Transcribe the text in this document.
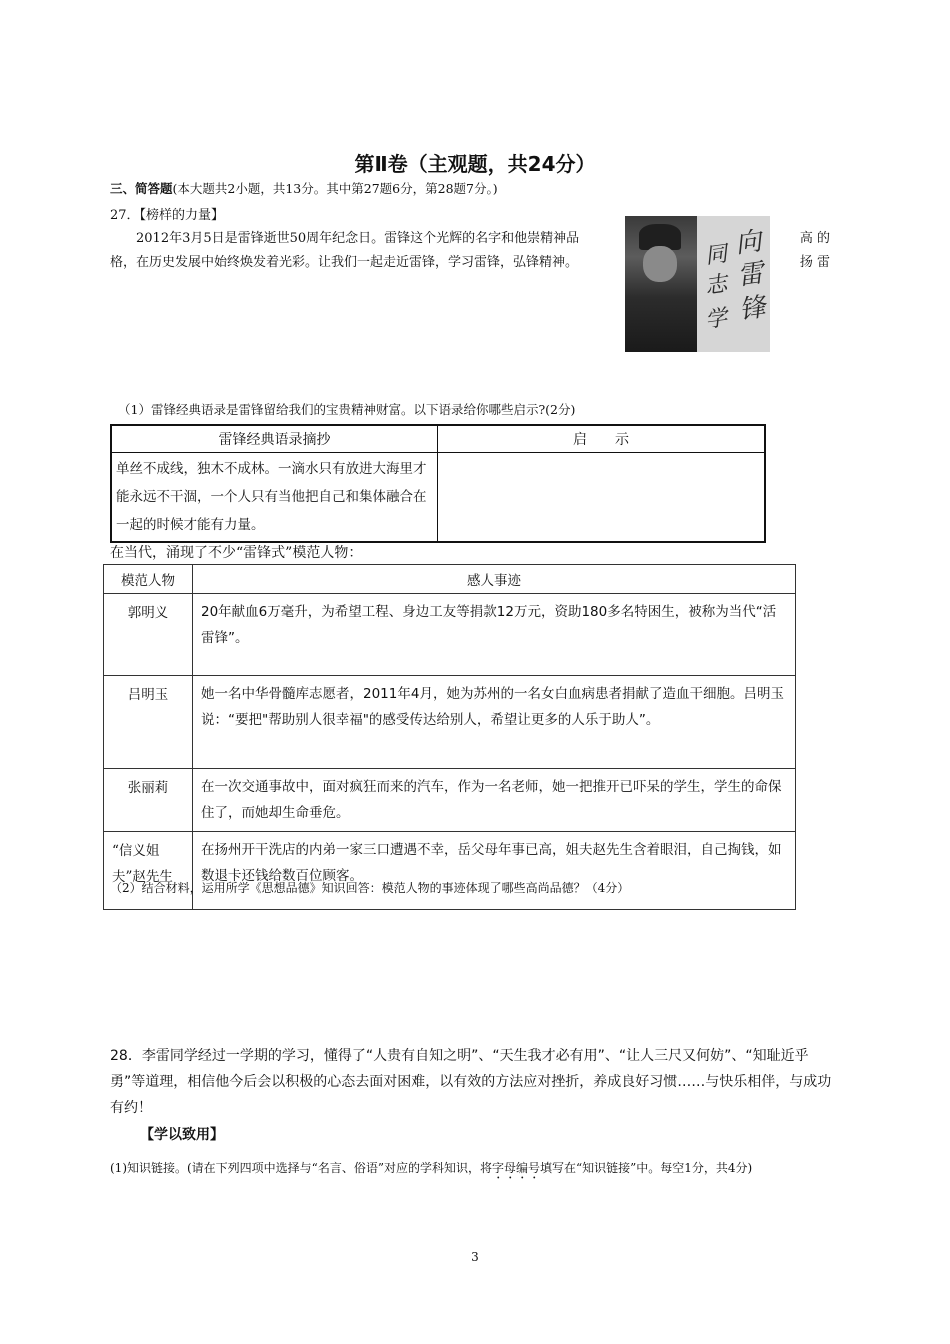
第Ⅱ卷（主观题，共24分）
三、简答题(本大题共2小题，共13分。其中第27题6分，第28题7分。)
27．【榜样的力量】
2012年3月5日是雷锋逝世50周年纪念日。雷锋这个光辉的名字和他崇精神品格，在历史发展中始终焕发着光彩。让我们一起走近雷锋，学习雷锋，弘锋精神。
高 的
扬 雷
向
雷
锋
同
志
学
（1）雷锋经典语录是雷锋留给我们的宝贵精神财富。以下语录给你哪些启示?(2分)
雷锋经典语录摘抄	启　　示
单丝不成线，独木不成林。一滴水只有放进大海里才能永远不干涸，一个人只有当他把自己和集体融合在一起的时候才能有力量。	
在当代，涌现了不少“雷锋式”模范人物：
模范人物	感人事迹
郭明义	20年献血6万毫升，为希望工程、身边工友等捐款12万元，资助180多名特困生，被称为当代“活雷锋”。
吕明玉	她一名中华骨髓库志愿者，2011年4月，她为苏州的一名女白血病患者捐献了造血干细胞。吕明玉说：“要把"帮助别人很幸福"的感受传达给别人，希望让更多的人乐于助人”。
张丽莉	在一次交通事故中，面对疯狂而来的汽车，作为一名老师，她一把推开已吓呆的学生，学生的命保住了，而她却生命垂危。
“信义姐夫”赵先生	在扬州开干洗店的内弟一家三口遭遇不幸，岳父母年事已高，姐夫赵先生含着眼泪，自己掏钱，如数退卡还钱给数百位顾客。
（2）结合材料，运用所学《思想品德》知识回答：模范人物的事迹体现了哪些高尚品德？（4分）
28．李雷同学经过一学期的学习，懂得了“人贵有自知之明”、“天生我才必有用”、“让人三尺又何妨”、“知耻近乎勇”等道理，相信他今后会以积极的心态去面对困难，以有效的方法应对挫折，养成良好习惯……与快乐相伴，与成功有约！
【学以致用】
(1)知识链接。(请在下列四项中选择与“名言、俗语”对应的学科知识，将字母编号填写在“知识链接”中。每空1分，共4分)
3
